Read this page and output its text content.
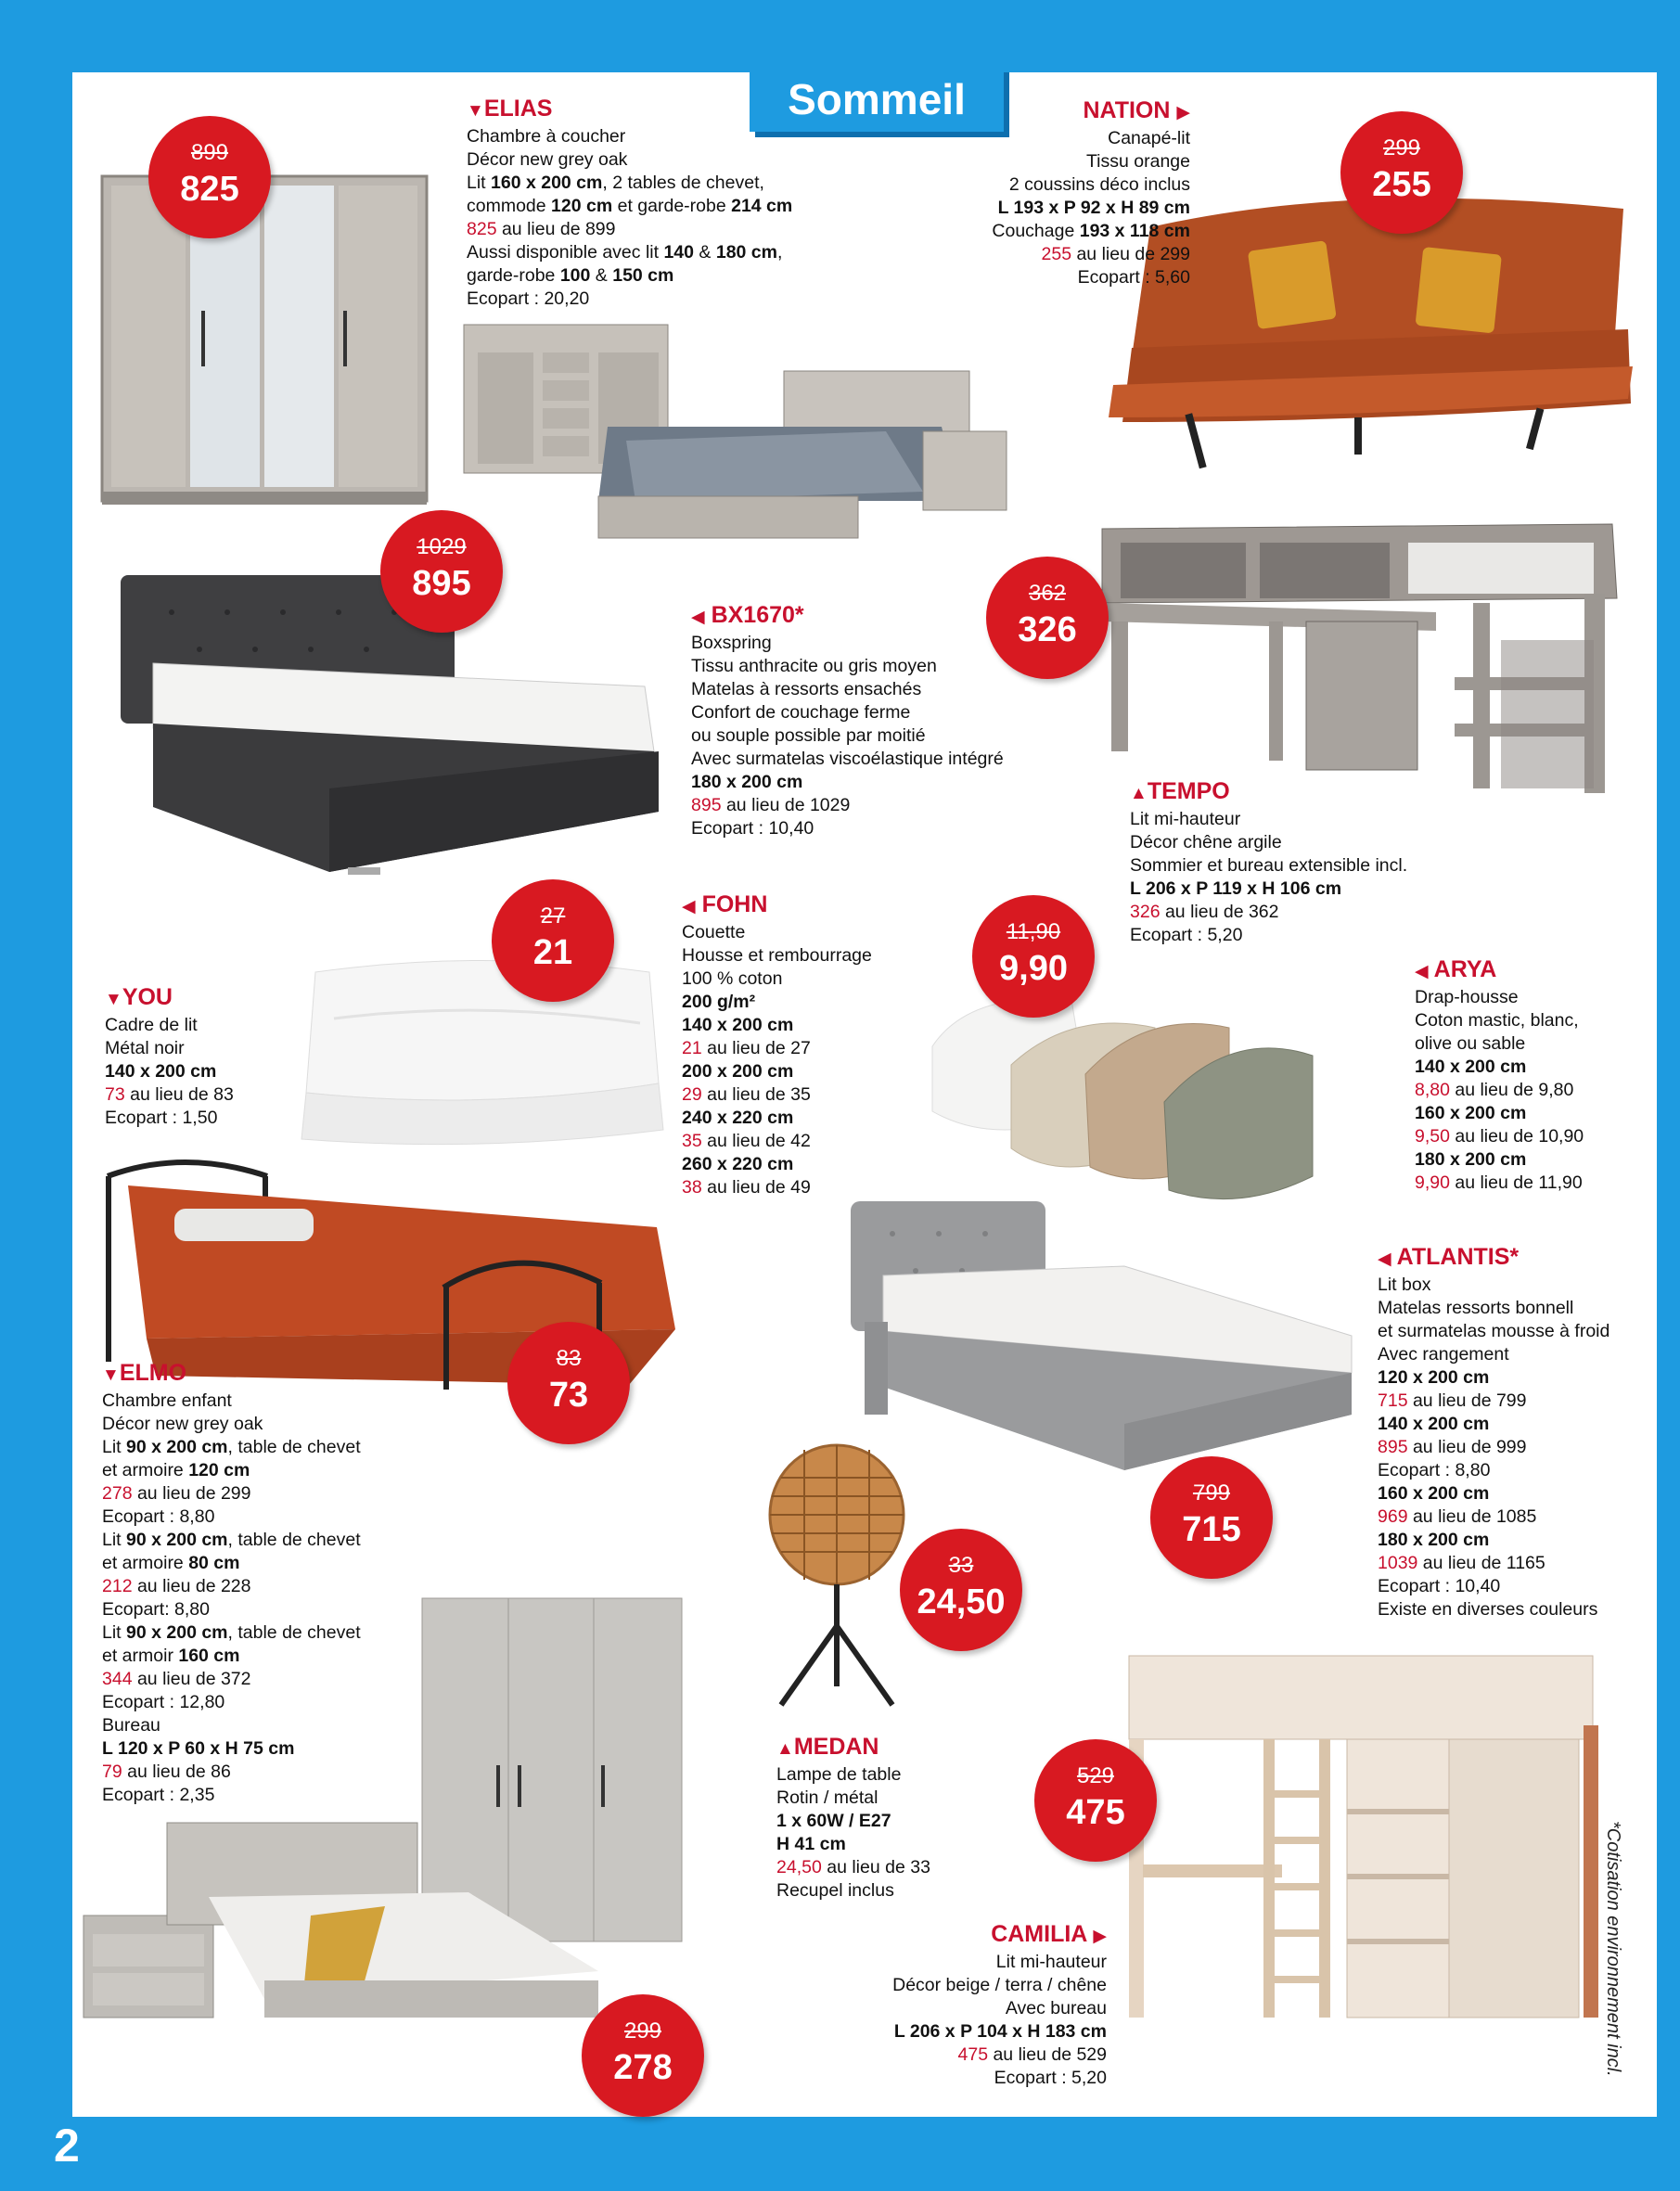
Sommeil
2
*Cotisation environnement incl.
899
825
299
255
1029
895	362
326
27
21
11,90
9,90
83
73
799
715
33
24,50
529
475
299
278
▼ELIAS
Chambre à coucher
Décor new grey oak
Lit 160 x 200 cm, 2 tables de chevet,
commode 120 cm et garde-robe 214 cm
825 au lieu de 899
Aussi disponible avec lit 140 & 180 cm,
garde-robe 100 & 150 cm
Ecopart : 20,20
NATION ▶
Canapé-lit
Tissu orange
2 coussins déco inclus
L 193 x P 92 x H 89 cm
Couchage 193 x 118 cm
255 au lieu de 299
Ecopart : 5,60
◀ BX1670*
Boxspring
Tissu anthracite ou gris moyen
Matelas à ressorts ensachés
Confort de couchage ferme
ou souple possible par moitié
Avec surmatelas viscoélastique intégré
180 x 200 cm
895 au lieu de 1029
Ecopart : 10,40
▲TEMPO
Lit mi-hauteur
Décor chêne argile
Sommier et bureau extensible incl.
L 206 x P 119 x H 106 cm
326 au lieu de 362
Ecopart : 5,20
▼YOU
Cadre de lit
Métal noir
140 x 200 cm
73 au lieu de 83
Ecopart : 1,50
◀ FOHN
Couette
Housse et rembourrage
100 % coton
200 g/m²
140 x 200 cm
21 au lieu de 27
200 x 200 cm
29 au lieu de 35
240 x 220 cm
35 au lieu de 42
260 x 220 cm
38 au lieu de 49
◀ ARYA
Drap-housse
Coton mastic, blanc,
olive ou sable
140 x 200 cm
8,80 au lieu de 9,80
160 x 200 cm
9,50 au lieu de 10,90
180 x 200 cm
9,90 au lieu de 11,90
◀ ATLANTIS*
Lit box
Matelas ressorts bonnell
et surmatelas mousse à froid
Avec rangement
120 x 200 cm
715 au lieu de 799
140 x 200 cm
895 au lieu de 999
Ecopart : 8,80
160 x 200 cm
969 au lieu de 1085
180 x 200 cm
1039 au lieu de 1165
Ecopart : 10,40
Existe en diverses couleurs
▼ELMO
Chambre enfant
Décor new grey oak
Lit 90 x 200 cm, table de chevet
et armoire 120 cm
278 au lieu de 299
Ecopart : 8,80
Lit 90 x 200 cm, table de chevet
et armoire 80 cm
212 au lieu de 228
Ecopart: 8,80
Lit 90 x 200 cm, table de chevet
et armoir 160 cm
344 au lieu de 372
Ecopart : 12,80
Bureau
L 120 x P 60 x H 75 cm
79 au lieu de 86
Ecopart : 2,35
▲MEDAN
Lampe de table
Rotin / métal
1 x 60W / E27
H 41 cm
24,50 au lieu de 33
Recupel inclus
CAMILIA ▶
Lit mi-hauteur
Décor beige / terra / chêne
Avec bureau
L 206 x P 104 x H 183 cm
475 au lieu de 529
Ecopart : 5,20
